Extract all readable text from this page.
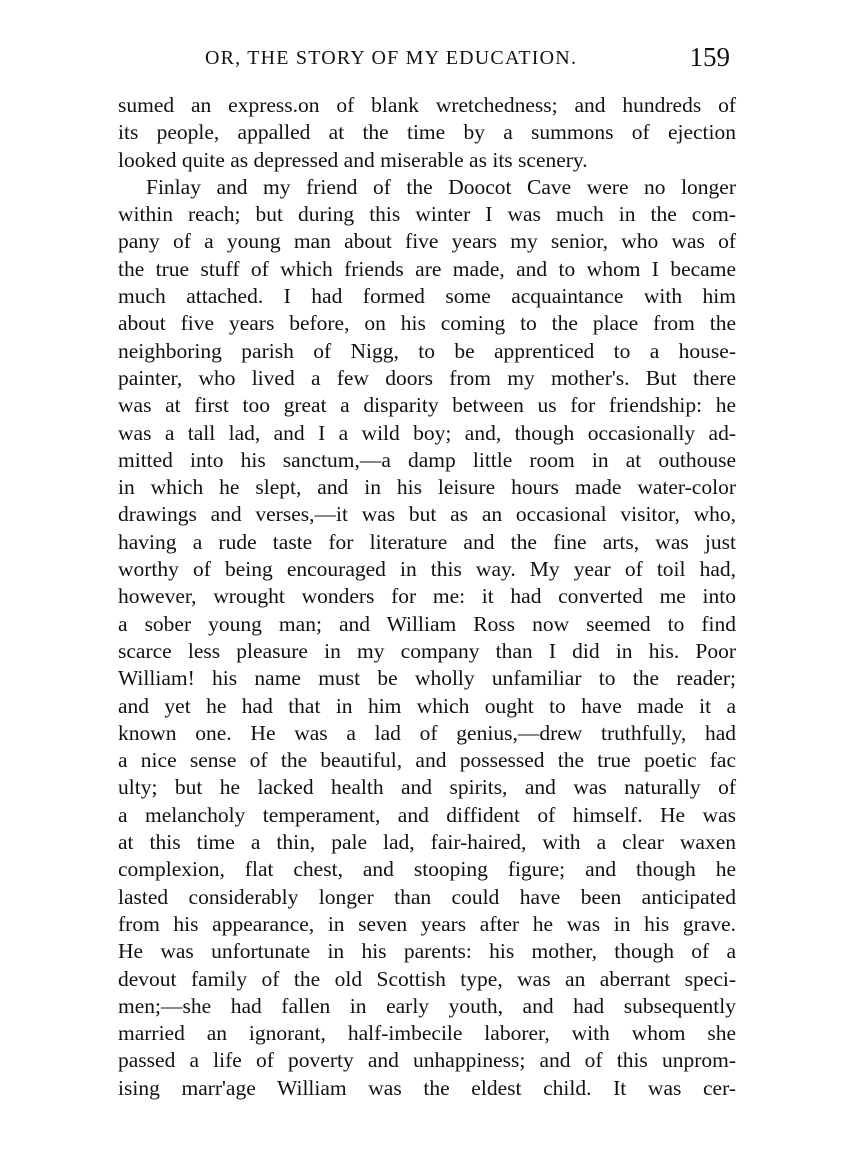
OR, THE STORY OF MY EDUCATION.	159
sumed an express.on of blank wretchedness; and hundreds of
its people, appalled at the time by a summons of ejection
looked quite as depressed and miserable as its scenery.
Finlay and my friend of the Doocot Cave were no longer
within reach; but during this winter I was much in the com-
pany of a young man about five years my senior, who was of
the true stuff of which friends are made, and to whom I became
much attached. I had formed some acquaintance with him
about five years before, on his coming to the place from the
neighboring parish of Nigg, to be apprenticed to a house-
painter, who lived a few doors from my mother's. But there
was at first too great a disparity between us for friendship: he
was a tall lad, and I a wild boy; and, though occasionally ad-
mitted into his sanctum,—a damp little room in at outhouse
in which he slept, and in his leisure hours made water-color
drawings and verses,—it was but as an occasional visitor, who,
having a rude taste for literature and the fine arts, was just
worthy of being encouraged in this way. My year of toil had,
however, wrought wonders for me: it had converted me into
a sober young man; and William Ross now seemed to find
scarce less pleasure in my company than I did in his. Poor
William! his name must be wholly unfamiliar to the reader;
and yet he had that in him which ought to have made it a
known one. He was a lad of genius,—drew truthfully, had
a nice sense of the beautiful, and possessed the true poetic fac
ulty; but he lacked health and spirits, and was naturally of
a melancholy temperament, and diffident of himself. He was
at this time a thin, pale lad, fair-haired, with a clear waxen
complexion, flat chest, and stooping figure; and though he
lasted considerably longer than could have been anticipated
from his appearance, in seven years after he was in his grave.
He was unfortunate in his parents: his mother, though of a
devout family of the old Scottish type, was an aberrant speci-
men;—she had fallen in early youth, and had subsequently
married an ignorant, half-imbecile laborer, with whom she
passed a life of poverty and unhappiness; and of this unprom-
ising marr'age William was the eldest child. It was cer-
